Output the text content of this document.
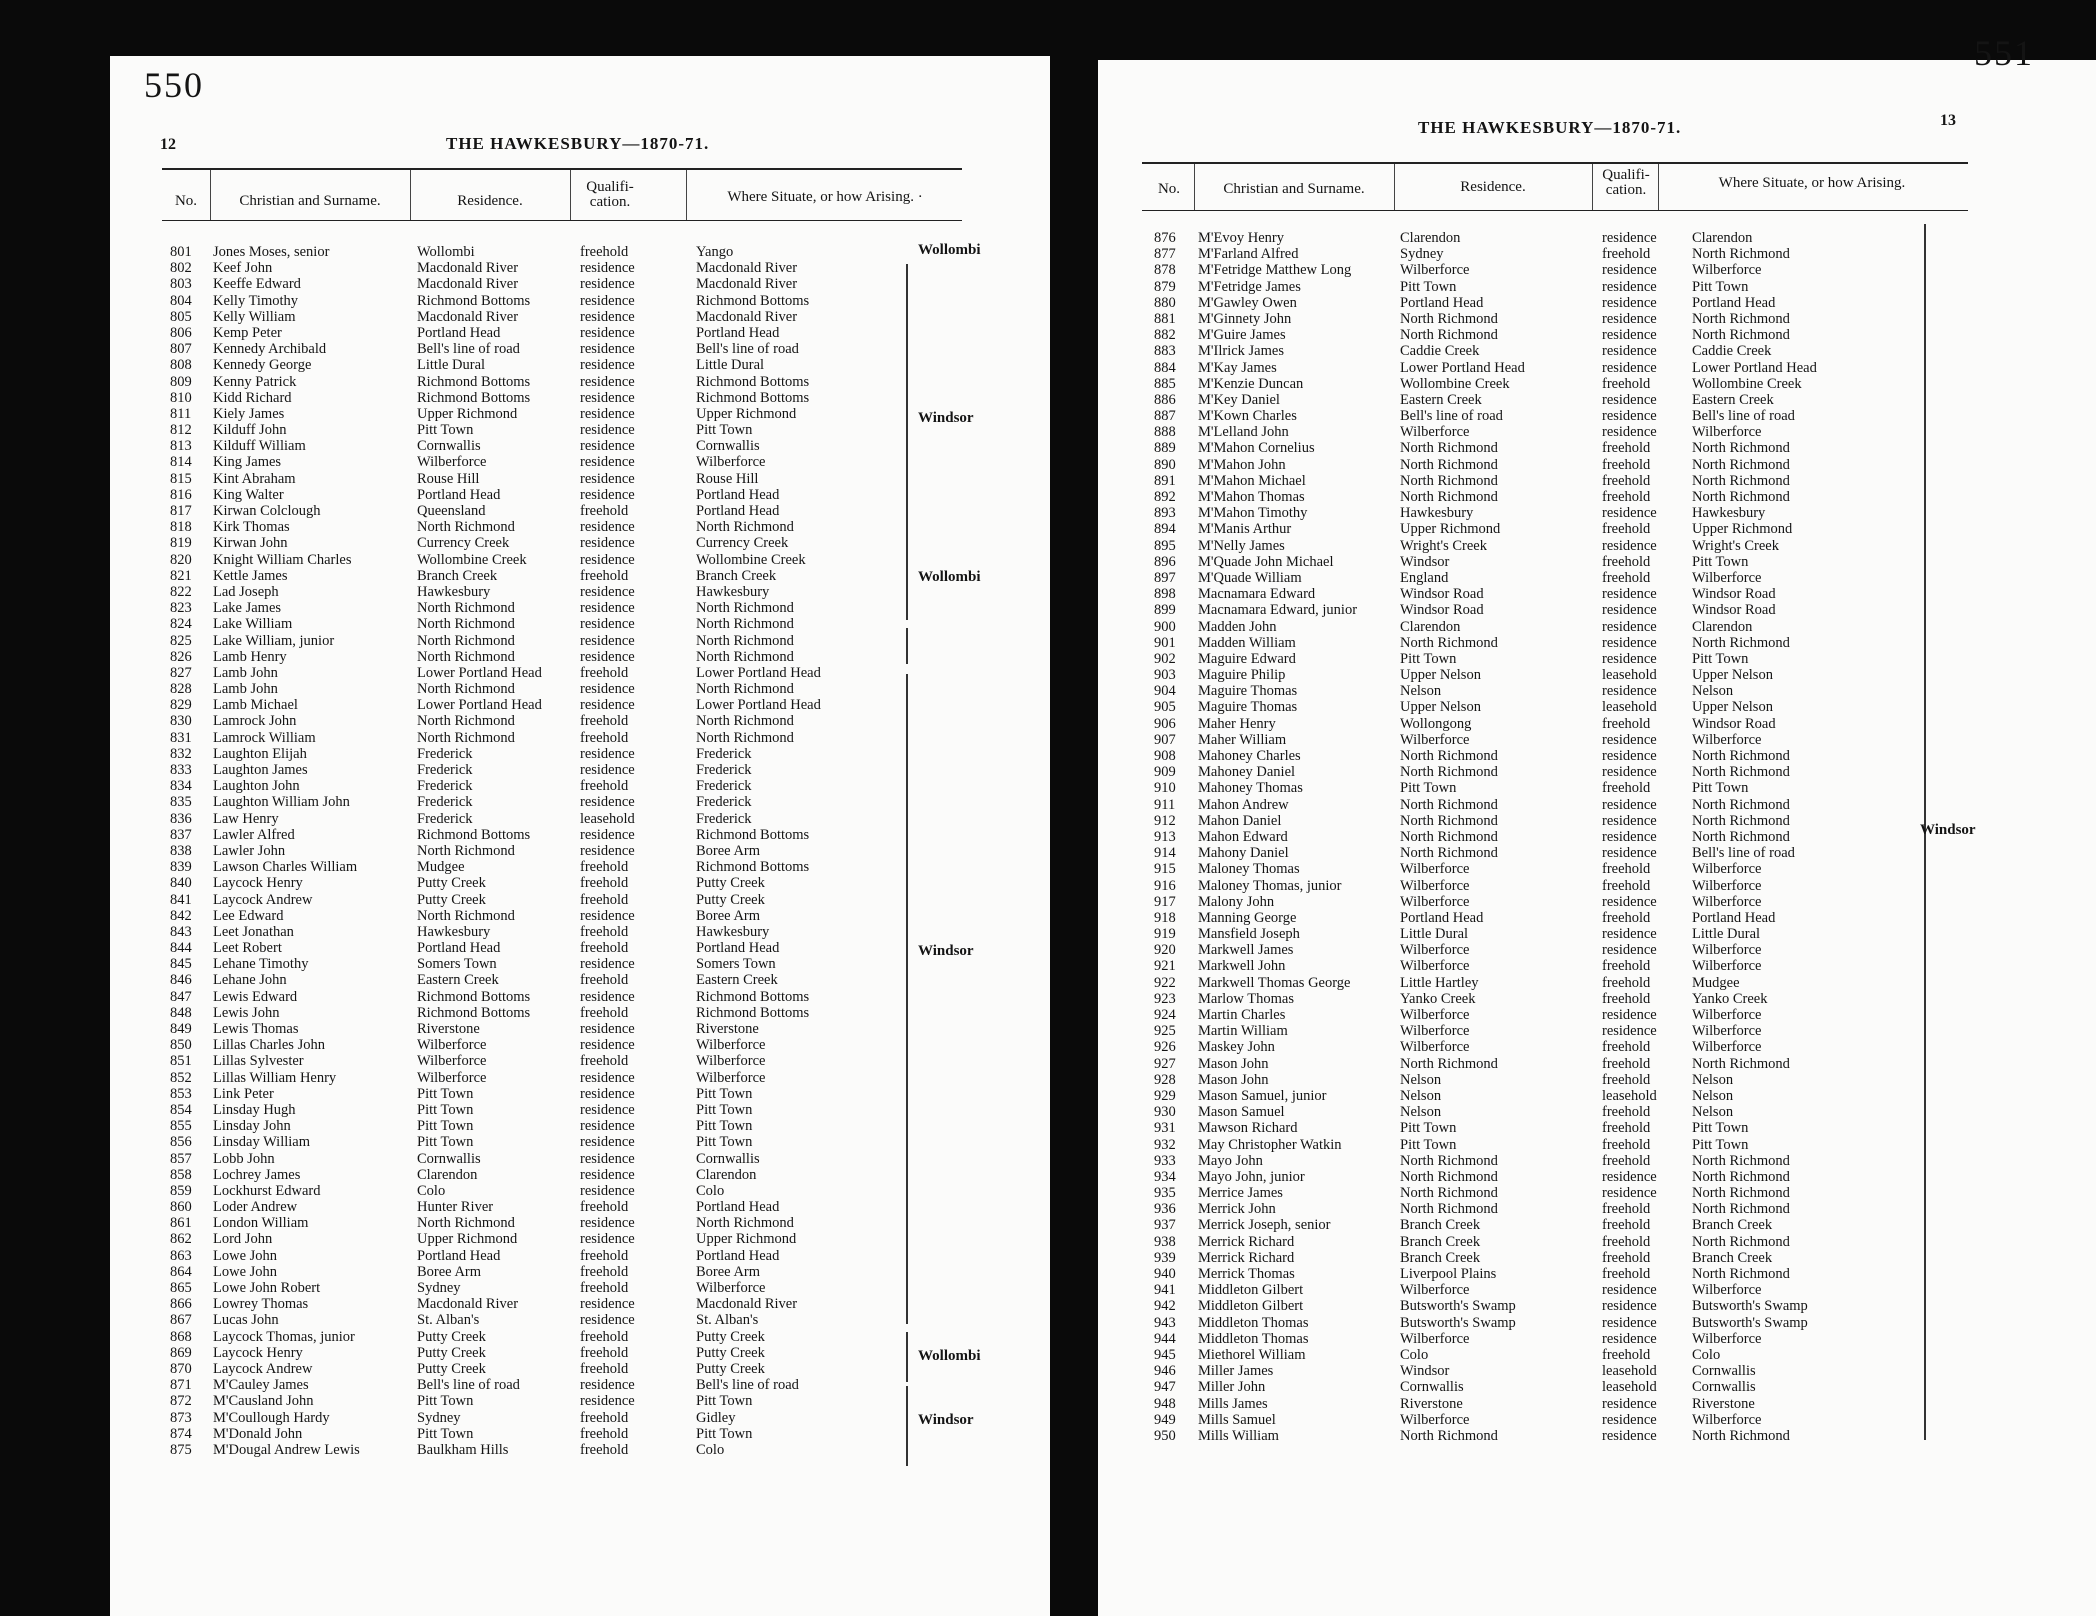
550
12	THE HAWKESBURY—1870-71.
No.	Christian and Surname.	Residence.
Qualifi- cation.	Where Situate, or how Arising. ·
801 Jones Moses, senior	Wollombi	freehold	Yango
802 Keef John	Macdonald River	residence	Macdonald River
803 Keeffe Edward	Macdonald River	residence	Macdonald River
804 Kelly Timothy	Richmond Bottoms	residence	Richmond Bottoms
805 Kelly William	Macdonald River	residence	Macdonald River
806 Kemp Peter	Portland Head	residence	Portland Head
807 Kennedy Archibald	Bell's line of road	residence	Bell's line of road
808 Kennedy George	Little Dural	residence	Little Dural
809 Kenny Patrick	Richmond Bottoms	residence	Richmond Bottoms
810 Kidd Richard	Richmond Bottoms	residence	Richmond Bottoms
811 Kiely James	Upper Richmond	residence	Upper Richmond
812 Kilduff John	Pitt Town	residence	Pitt Town
813 Kilduff William	Cornwallis	residence	Cornwallis
814 King James	Wilberforce	residence	Wilberforce
815 Kint Abraham	Rouse Hill	residence	Rouse Hill
816 King Walter	Portland Head	residence	Portland Head
817 Kirwan Colclough	Queensland	freehold	Portland Head
818 Kirk Thomas	North Richmond	residence	North Richmond
819 Kirwan John	Currency Creek	residence	Currency Creek
820 Knight William Charles	Wollombine Creek	residence	Wollombine Creek
821 Kettle James	Branch Creek	freehold	Branch Creek
822 Lad Joseph	Hawkesbury	residence	Hawkesbury
823 Lake James	North Richmond	residence	North Richmond
824 Lake William	North Richmond	residence	North Richmond
825 Lake William, junior	North Richmond	residence	North Richmond
826 Lamb Henry	North Richmond	residence	North Richmond
827 Lamb John	Lower Portland Head	freehold	Lower Portland Head
828 Lamb John	North Richmond	residence	North Richmond
829 Lamb Michael	Lower Portland Head	residence	Lower Portland Head
830 Lamrock John	North Richmond	freehold	North Richmond
831 Lamrock William	North Richmond	freehold	North Richmond
832 Laughton Elijah	Frederick	residence	Frederick
833 Laughton James	Frederick	residence	Frederick
834 Laughton John	Frederick	freehold	Frederick
835 Laughton William John	Frederick	residence	Frederick
836 Law Henry	Frederick	leasehold	Frederick
837 Lawler Alfred	Richmond Bottoms	residence	Richmond Bottoms
838 Lawler John	North Richmond	residence	Boree Arm
839 Lawson Charles William	Mudgee	freehold	Richmond Bottoms
840 Laycock Henry	Putty Creek	freehold	Putty Creek
841 Laycock Andrew	Putty Creek	freehold	Putty Creek
842 Lee Edward	North Richmond	residence	Boree Arm
843 Leet Jonathan	Hawkesbury	freehold	Hawkesbury
844 Leet Robert	Portland Head	freehold	Portland Head
845 Lehane Timothy	Somers Town	residence	Somers Town
846 Lehane John	Eastern Creek	freehold	Eastern Creek
847 Lewis Edward	Richmond Bottoms	residence	Richmond Bottoms
848 Lewis John	Richmond Bottoms	freehold	Richmond Bottoms
849 Lewis Thomas	Riverstone	residence	Riverstone
850 Lillas Charles John	Wilberforce	residence	Wilberforce
851 Lillas Sylvester	Wilberforce	freehold	Wilberforce
852 Lillas William Henry	Wilberforce	residence	Wilberforce
853 Link Peter	Pitt Town	residence	Pitt Town
854 Linsday Hugh	Pitt Town	residence	Pitt Town
855 Linsday John	Pitt Town	residence	Pitt Town
856 Linsday William	Pitt Town	residence	Pitt Town
857 Lobb John	Cornwallis	residence	Cornwallis
858 Lochrey James	Clarendon	residence	Clarendon
859 Lockhurst Edward	Colo	residence	Colo
860 Loder Andrew	Hunter River	freehold	Portland Head
861 London William	North Richmond	residence	North Richmond
862 Lord John	Upper Richmond	residence	Upper Richmond
863 Lowe John	Portland Head	freehold	Portland Head
864 Lowe John	Boree Arm	freehold	Boree Arm
865 Lowe John Robert	Sydney	freehold	Wilberforce
866 Lowrey Thomas	Macdonald River	residence	Macdonald River
867 Lucas John	St. Alban's	residence	St. Alban's
868 Laycock Thomas, junior	Putty Creek	freehold	Putty Creek
869 Laycock Henry	Putty Creek	freehold	Putty Creek
870 Laycock Andrew	Putty Creek	freehold	Putty Creek
871 M'Cauley James	Bell's line of road	residence	Bell's line of road
872 M'Causland John	Pitt Town	residence	Pitt Town
873 M'Coullough Hardy	Sydney	freehold	Gidley
874 M'Donald John	Pitt Town	freehold	Pitt Town
875 M'Dougal Andrew Lewis	Baulkham Hills	freehold	Colo
Wollombi
Windsor
Wollombi
Windsor
Wollombi
Windsor
551
13
THE HAWKESBURY—1870-71.
No.	Christian and Surname.	Residence.
Qualifi- cation.	Where Situate, or how Arising.
876 M'Evoy Henry	Clarendon	residence Clarendon
877 M'Farland Alfred	Sydney	freehold	North Richmond
878 M'Fetridge Matthew Long	Wilberforce	residence Wilberforce
879 M'Fetridge James	Pitt Town	residence Pitt Town
880 M'Gawley Owen	Portland Head	residence Portland Head
881 M'Ginnety John	North Richmond	residence North Richmond
882 M'Guire James	North Richmond	residence North Richmond
883 M'Ilrick James	Caddie Creek	residence Caddie Creek
884 M'Kay James	Lower Portland Head	residence Lower Portland Head
885 M'Kenzie Duncan	Wollombine Creek	freehold	Wollombine Creek
886 M'Key Daniel	Eastern Creek	residence Eastern Creek
887 M'Kown Charles	Bell's line of road	residence Bell's line of road
888 M'Lelland John	Wilberforce	residence Wilberforce
889 M'Mahon Cornelius	North Richmond	freehold	North Richmond
890 M'Mahon John	North Richmond	freehold	North Richmond
891 M'Mahon Michael	North Richmond	freehold	North Richmond
892 M'Mahon Thomas	North Richmond	freehold	North Richmond
893 M'Mahon Timothy	Hawkesbury	residence Hawkesbury
894 M'Manis Arthur	Upper Richmond	freehold	Upper Richmond
895 M'Nelly James	Wright's Creek	residence Wright's Creek
896 M'Quade John Michael	Windsor	freehold	Pitt Town
897 M'Quade William	England	freehold	Wilberforce
898 Macnamara Edward	Windsor Road	residence Windsor Road
899 Macnamara Edward, junior	Windsor Road	residence Windsor Road
900 Madden John	Clarendon	residence Clarendon
901 Madden William	North Richmond	residence North Richmond
902 Maguire Edward	Pitt Town	residence Pitt Town
903 Maguire Philip	Upper Nelson	leasehold Upper Nelson
904 Maguire Thomas	Nelson	residence Nelson
905 Maguire Thomas	Upper Nelson	leasehold Upper Nelson
906 Maher Henry	Wollongong	freehold	Windsor Road
907 Maher William	Wilberforce	residence Wilberforce
908 Mahoney Charles	North Richmond	residence North Richmond
909 Mahoney Daniel	North Richmond	residence North Richmond
910 Mahoney Thomas	Pitt Town	freehold	Pitt Town
911 Mahon Andrew	North Richmond	residence North Richmond
912 Mahon Daniel	North Richmond	residence North Richmond
913 Mahon Edward	North Richmond	residence North Richmond
914 Mahony Daniel	North Richmond	residence Bell's line of road
915 Maloney Thomas	Wilberforce	freehold	Wilberforce
916 Maloney Thomas, junior	Wilberforce	freehold	Wilberforce
917 Malony John	Wilberforce	residence Wilberforce
918 Manning George	Portland Head	freehold	Portland Head
919 Mansfield Joseph	Little Dural	residence Little Dural
920 Markwell James	Wilberforce	residence Wilberforce
921 Markwell John	Wilberforce	freehold	Wilberforce
922 Markwell Thomas George	Little Hartley	freehold	Mudgee
923 Marlow Thomas	Yanko Creek	freehold	Yanko Creek
924 Martin Charles	Wilberforce	residence Wilberforce
925 Martin William	Wilberforce	residence Wilberforce
926 Maskey John	Wilberforce	freehold	Wilberforce
927 Mason John	North Richmond	freehold	North Richmond
928 Mason John	Nelson	freehold	Nelson
929 Mason Samuel, junior	Nelson	leasehold Nelson
930 Mason Samuel	Nelson	freehold	Nelson
931 Mawson Richard	Pitt Town	freehold	Pitt Town
932 May Christopher Watkin	Pitt Town	freehold	Pitt Town
933 Mayo John	North Richmond	freehold	North Richmond
934 Mayo John, junior	North Richmond	residence North Richmond
935 Merrice James	North Richmond	residence North Richmond
936 Merrick John	North Richmond	freehold	North Richmond
937 Merrick Joseph, senior	Branch Creek	freehold	Branch Creek
938 Merrick Richard	Branch Creek	freehold	North Richmond
939 Merrick Richard	Branch Creek	freehold	Branch Creek
940 Merrick Thomas	Liverpool Plains	freehold	North Richmond
941 Middleton Gilbert	Wilberforce	residence Wilberforce
942 Middleton Gilbert	Butsworth's Swamp	residence Butsworth's Swamp
943 Middleton Thomas	Butsworth's Swamp	residence Butsworth's Swamp
944 Middleton Thomas	Wilberforce	residence Wilberforce
945 Miethorel William	Colo	freehold	Colo
946 Miller James	Windsor	leasehold Cornwallis
947 Miller John	Cornwallis	leasehold Cornwallis
948 Mills James	Riverstone	residence Riverstone
949 Mills Samuel	Wilberforce	residence Wilberforce
950 Mills William	North Richmond	residence North Richmond
Windsor
